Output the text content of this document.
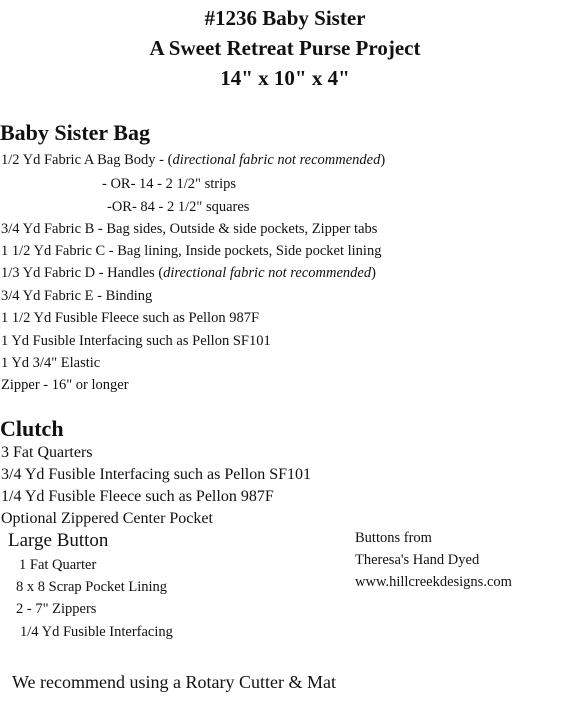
#1236 Baby Sister
A Sweet Retreat Purse Project
14" x 10" x 4"
Baby Sister Bag
1/2 Yd Fabric A Bag Body - (directional fabric not recommended)
- OR- 14 - 2 1/2" strips
-OR- 84 - 2 1/2" squares
3/4 Yd Fabric B - Bag sides, Outside & side pockets, Zipper tabs
1 1/2 Yd Fabric C - Bag lining, Inside pockets, Side pocket lining
1/3 Yd Fabric D - Handles (directional fabric not recommended)
3/4 Yd Fabric E - Binding
1 1/2 Yd Fusible Fleece such as Pellon 987F
1 Yd Fusible Interfacing such as Pellon SF101
1 Yd 3/4" Elastic
Zipper - 16" or longer
Clutch
3 Fat Quarters
3/4 Yd Fusible Interfacing such as Pellon SF101
1/4 Yd Fusible Fleece such as Pellon 987F
Optional Zippered Center Pocket
Large Button
1 Fat Quarter
8 x 8 Scrap Pocket Lining
2 - 7" Zippers
1/4 Yd Fusible Interfacing
Buttons from
Theresa's Hand Dyed
www.hillcreekdesigns.com
We recommend using a Rotary Cutter & Mat
